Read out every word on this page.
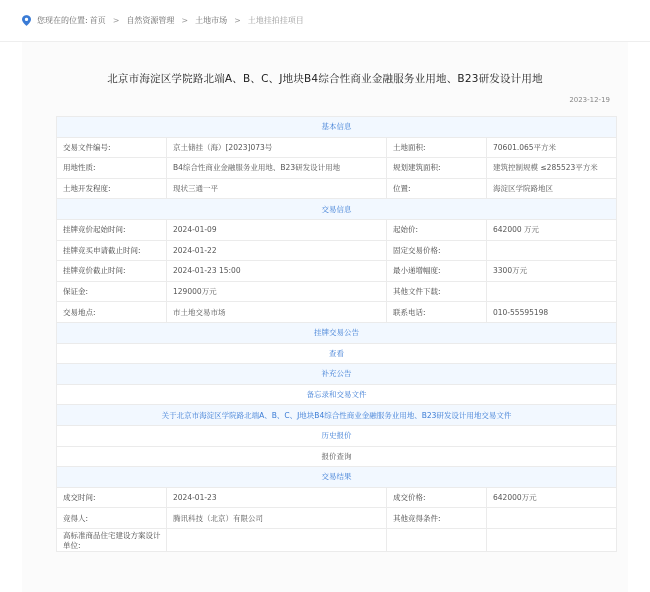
您现在的位置: 首页 > 自然资源管理 > 土地市场 > 土地挂拍挂项目
北京市海淀区学院路北端A、B、C、J地块B4综合性商业金融服务业用地、B23研发设计用地
2023-12-19
基本信息			
交易文件编号:	京土储挂（海）[2023]073号	土地面积:	70601.065平方米
用地性质:	B4综合性商业金融服务业用地、B23研发设计用地	规划建筑面积:	建筑控制规模 ≤285523平方米
土地开发程度:	现状三通一平	位置:	海淀区学院路地区
交易信息			
挂牌竞价起始时间:	2024-01-09	起始价:	642000 万元
挂牌竞买申请截止时间:	2024-01-22	固定交易价格:	
挂牌竞价截止时间:	2024-01-23 15:00	最小递增幅度:	3300万元
保证金:	129000万元	其他文件下载:	
交易地点:	市土地交易市场	联系电话:	010-55595198
挂牌交易公告			
查看			
补充公告			
备忘录和交易文件			
关于北京市海淀区学院路北端A、B、C、J地块B4综合性商业金融服务业用地、B23研发设计用地交易文件			
历史报价			
报价查询			
交易结果			
成交时间:	2024-01-23	成交价格:	642000万元
竞得人:	腾讯科技（北京）有限公司	其他竞得条件:	
高标准商品住宅建设方案设计单位:			
